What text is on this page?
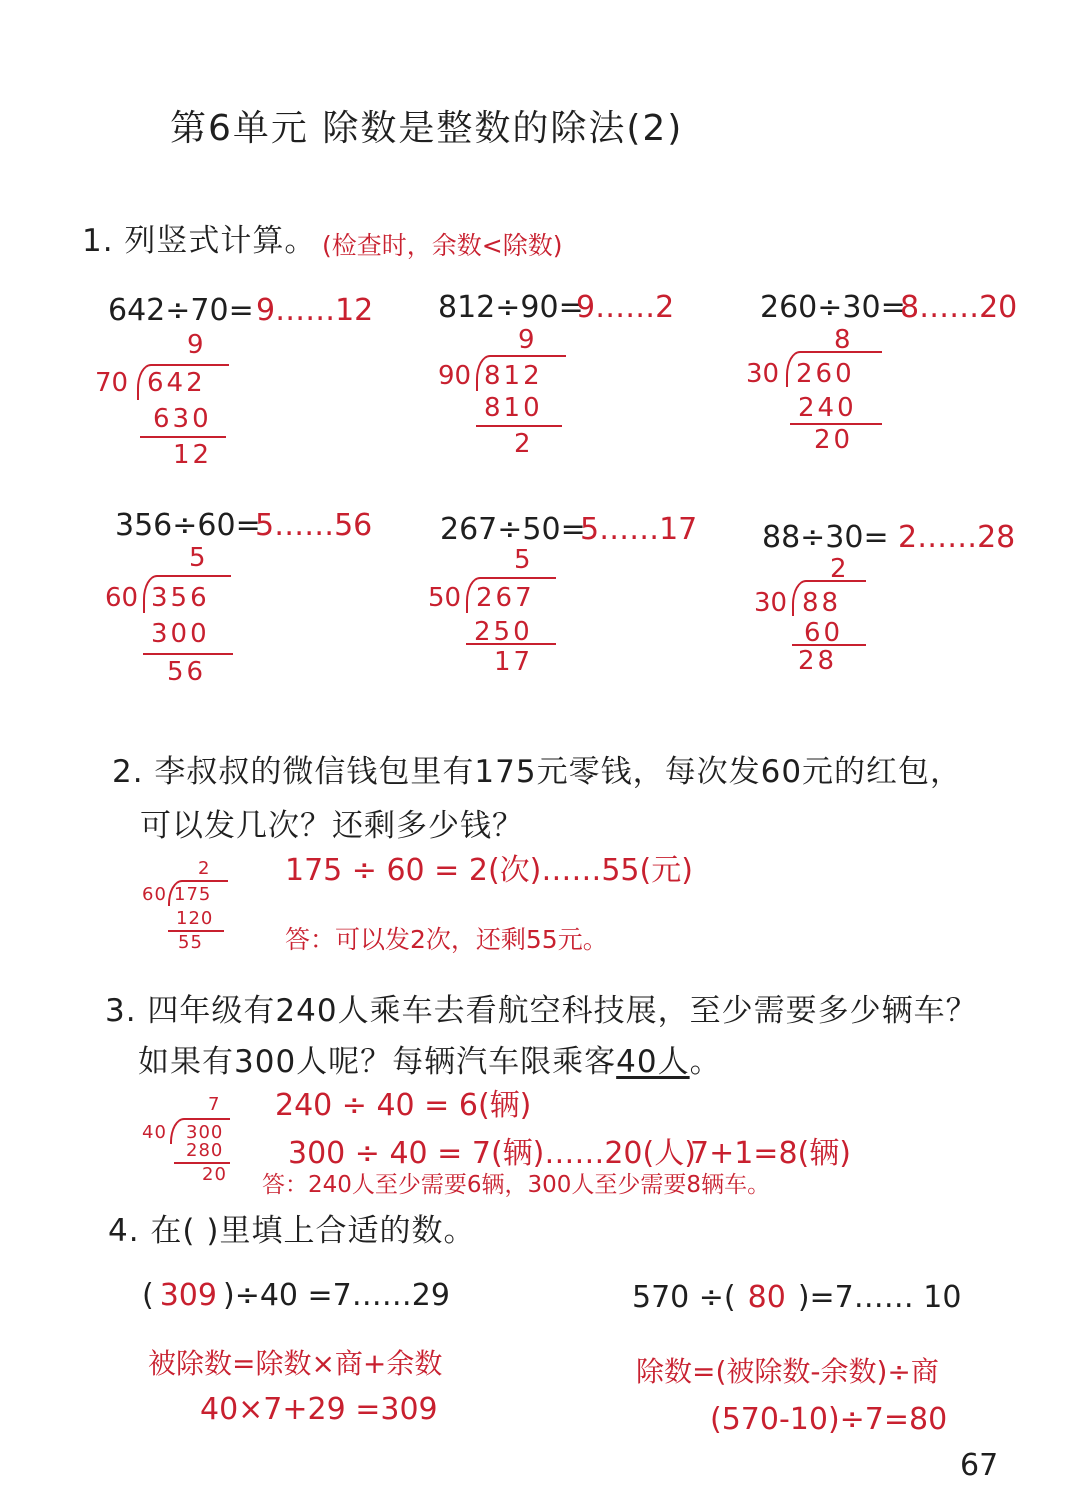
第6单元 除数是整数的除法(2)
1. 列竖式计算。 (检查时，余数<除数)
642÷70= 9……12
9
70 642
630
12
812÷90=
9……2
9
90 812
810
2
260÷30=
8……20
8
30 260
240
20
356÷60=
5……56
5
60 356
300
56
267÷50=
5……17
5
50 267
250
17
88÷30= 2……28
2
30 88
60
28
2. 李叔叔的微信钱包里有175元零钱，每次发60元的红包，
可以发几次？还剩多少钱？
175 ÷ 60 = 2(次)……55(元)
答：可以发2次，还剩55元。
2
60 175
120
55
3. 四年级有240人乘车去看航空科技展，至少需要多少辆车？
如果有300人呢？每辆汽车限乘客40人。
240 ÷ 40 = 6(辆)
300 ÷ 40 = 7(辆)……20(人)
7+1=8(辆)
答：240人至少需要6辆，300人至少需要8辆车。
7
40 300
280
20
4. 在( )里填上合适的数。
( 309 )÷40 =7……29
被除数=除数×商+余数
40×7+29 =309
570 ÷( 80 )=7…… 10
除数=(被除数-余数)÷商
(570-10)÷7=80
67
